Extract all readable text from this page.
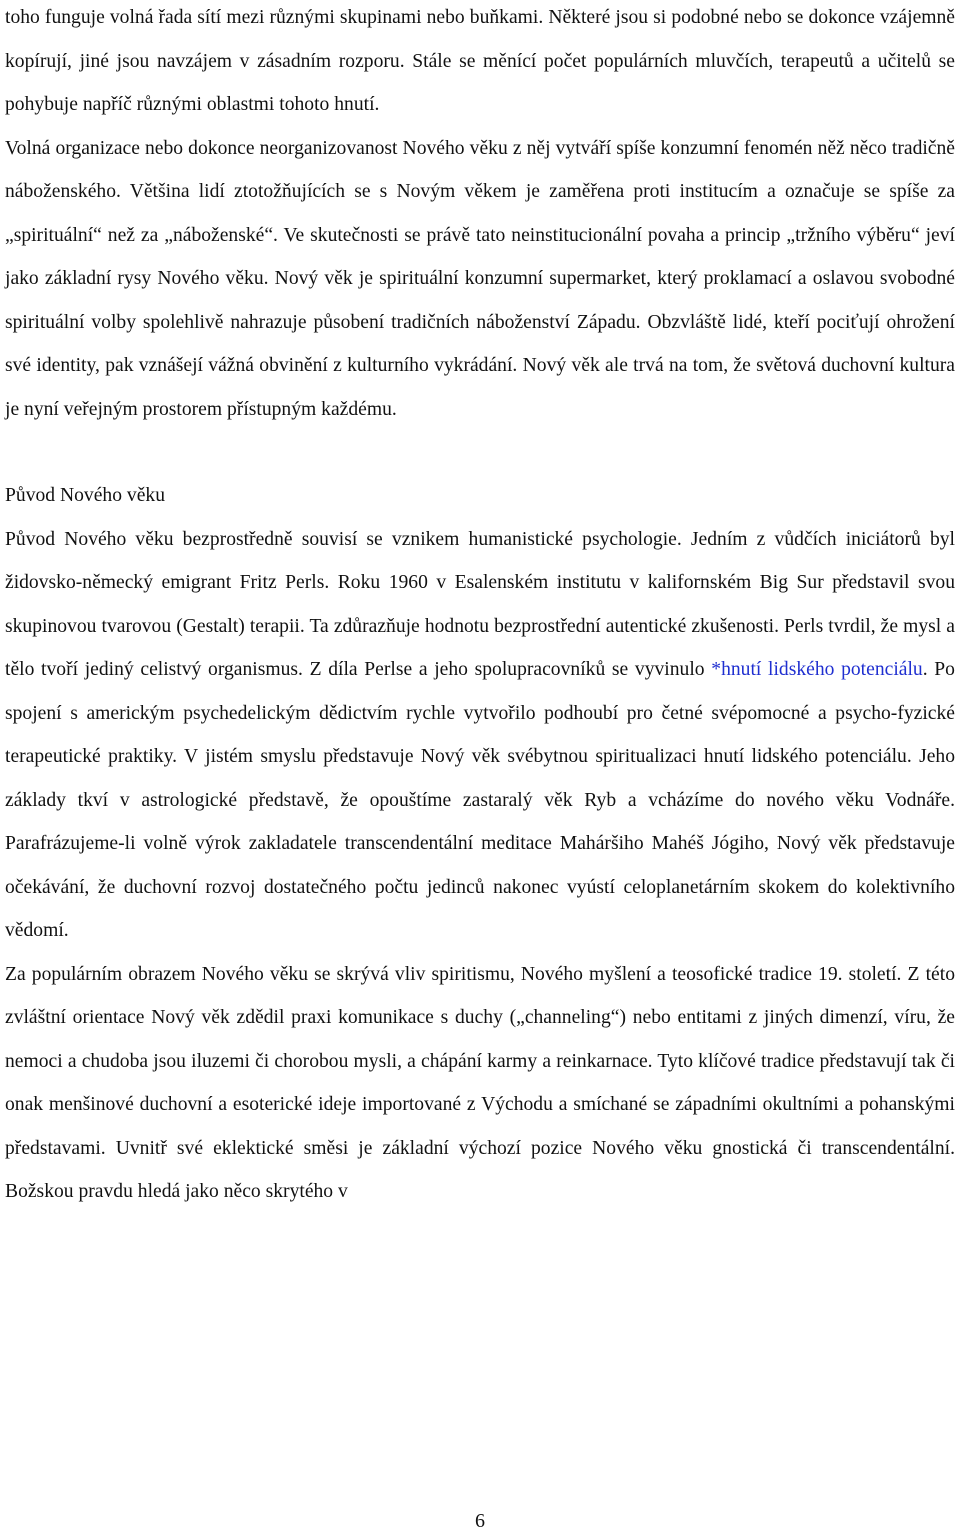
toho funguje volná řada sítí mezi různými skupinami nebo buňkami. Některé jsou si podobné nebo se dokonce vzájemně kopírují, jiné jsou navzájem v zásadním rozporu. Stále se měnící počet populárních mluvčích, terapeutů a učitelů se pohybuje napříč různými oblastmi tohoto hnutí.

Volná organizace nebo dokonce neorganizovanost Nového věku z něj vytváří spíše konzumní fenomén něž něco tradičně náboženského. Většina lidí ztotožňujících se s Novým věkem je zaměřena proti institucím a označuje se spíše za „spirituální“ než za „náboženské“. Ve skutečnosti se právě tato neinstitucionální povaha a princip „tržního výběru“ jeví jako základní rysy Nového věku. Nový věk je spirituální konzumní supermarket, který proklamací a oslavou svobodné spirituální volby spolehlivě nahrazuje působení tradičních náboženství Západu. Obzvláště lidé, kteří pociťují ohrožení své identity, pak vznášejí vážná obvinění z kulturního vykrádání. Nový věk ale trvá na tom, že světová duchovní kultura je nyní veřejným prostorem přístupným každému.

Původ Nového věku

Původ Nového věku bezprostředně souvisí se vznikem humanistické psychologie. Jedním z vůdčích iniciátorů byl židovsko-německý emigrant Fritz Perls. Roku 1960 v Esalenském institutu v kalifornském Big Sur představil svou skupinovou tvarovou (Gestalt) terapii. Ta zdůrazňuje hodnotu bezprostřední autentické zkušenosti. Perls tvrdil, že mysl a tělo tvoří jediný celistvý organismus. Z díla Perlse a jeho spolupracovníků se vyvinulo *hnutí lidského potenciálu. Po spojení s americkým psychedelickým dědictvím rychle vytvořilo podhoubí pro četné svépomocné a psycho-fyzické terapeutické praktiky. V jistém smyslu představuje Nový věk svébytnou spiritualizaci hnutí lidského potenciálu. Jeho základy tkví v astrologické představě, že opouštíme zastaralý věk Ryb a vcházíme do nového věku Vodnáře. Parafrázujeme-li volně výrok zakladatele transcendentální meditace Maháršiho Mahéš Jógiho, Nový věk představuje očekávání, že duchovní rozvoj dostatečného počtu jedinců nakonec vyústí celoplanetárním skokem do kolektivního vědomí.

Za populárním obrazem Nového věku se skrývá vliv spiritismu, Nového myšlení a teosofické tradice 19. století. Z této zvláštní orientace Nový věk zdědil praxi komunikace s duchy („channeling“) nebo entitami z jiných dimenzí, víru, že nemoci a chudoba jsou iluzemi či chorobou mysli, a chápání karmy a reinkarnace. Tyto klíčové tradice představují tak či onak menšinové duchovní a esoterické ideje importované z Východu a smíchané se západními okultními a pohanskými představami. Uvnitř své eklektické směsi je základní výchozí pozice Nového věku gnostická či transcendentální. Božskou pravdu hledá jako něco skrytého v

6
